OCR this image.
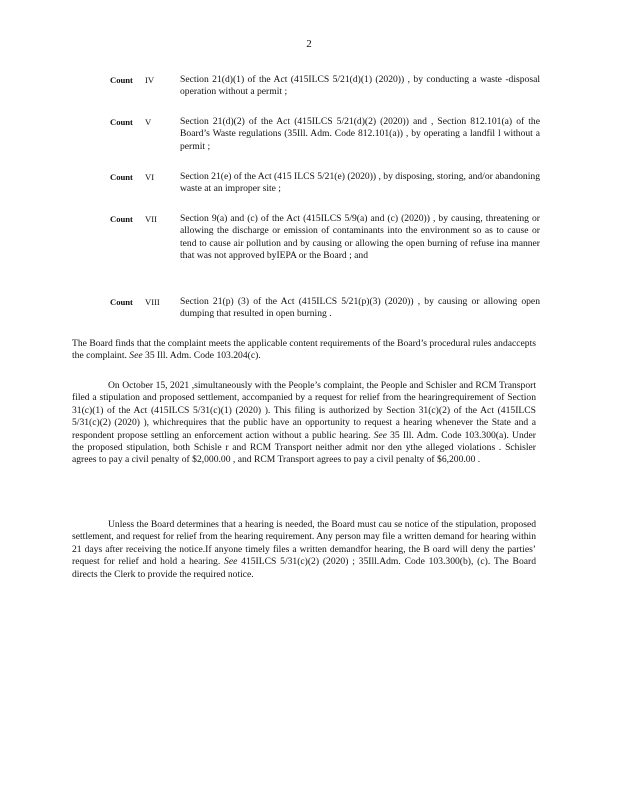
2
Count IV	Section 21(d)(1) of the Act (415ILCS 5/21(d)(1) (2020)) , by conducting a waste -disposal operation without a permit ;
Count V	Section 21(d)(2) of the Act (415ILCS 5/21(d)(2) (2020)) and , Section 812.101(a) of the Board’s Waste regulations (35Ill. Adm. Code 812.101(a)) , by operating a landfil l without a permit ;
Count VI	Section 21(e) of the Act (415 ILCS 5/21(e) (2020)) , by disposing, storing, and/or abandoning waste at an improper site ;
Count VII Section 9(a) and (c) of the Act (415ILCS 5/9(a) and (c) (2020)) , by causing, threatening or allowing the discharge or emission of contaminants into the environment so as to cause or tend to cause air pollution and by causing or allowing the open burning of refuse ina manner that was not approved byIEPA or the Board ; and
Count VIII Section 21(p) (3) of the Act (415ILCS 5/21(p)(3) (2020)) , by causing or allowing open dumping that resulted in open burning .

The Board finds that the complaint meets the applicable content requirements of the Board’s procedural rules andaccepts the complaint. See 35 Ill. Adm. Code 103.204(c).

On October 15, 2021 ,simultaneously with the People’s complaint, the People and Schisler and RCM Transport filed a stipulation and proposed settlement, accompanied by a request for relief from the hearingrequirement of Section 31(c)(1) of the Act (415ILCS 5/31(c)(1) (2020) ). This filing is authorized by Section 31(c)(2) of the Act (415ILCS 5/31(c)(2) (2020) ), whichrequires that the public have an opportunity to request a hearing whenever the State and a respondent propose settling an enforcement action without a public hearing. See 35 Ill. Adm. Code 103.300(a). Under the proposed stipulation, both Schisle r and RCM Transport neither admit nor den ythe alleged violations . Schisler agrees to pay a civil penalty of $2,000.00 , and RCM Transport agrees to pay a civil penalty of $6,200.00 .

Unless the Board determines that a hearing is needed, the Board must cau se notice of the stipulation, proposed settlement, and request for relief from the hearing requirement. Any person may file a written demand for hearing within 21 days after receiving the notice.If anyone timely files a written demandfor hearing, the B oard will deny the parties’ request for relief and hold a hearing. See 415ILCS 5/31(c)(2) (2020) ; 35Ill.Adm. Code 103.300(b), (c). The Board directs the Clerk to provide the required notice.
